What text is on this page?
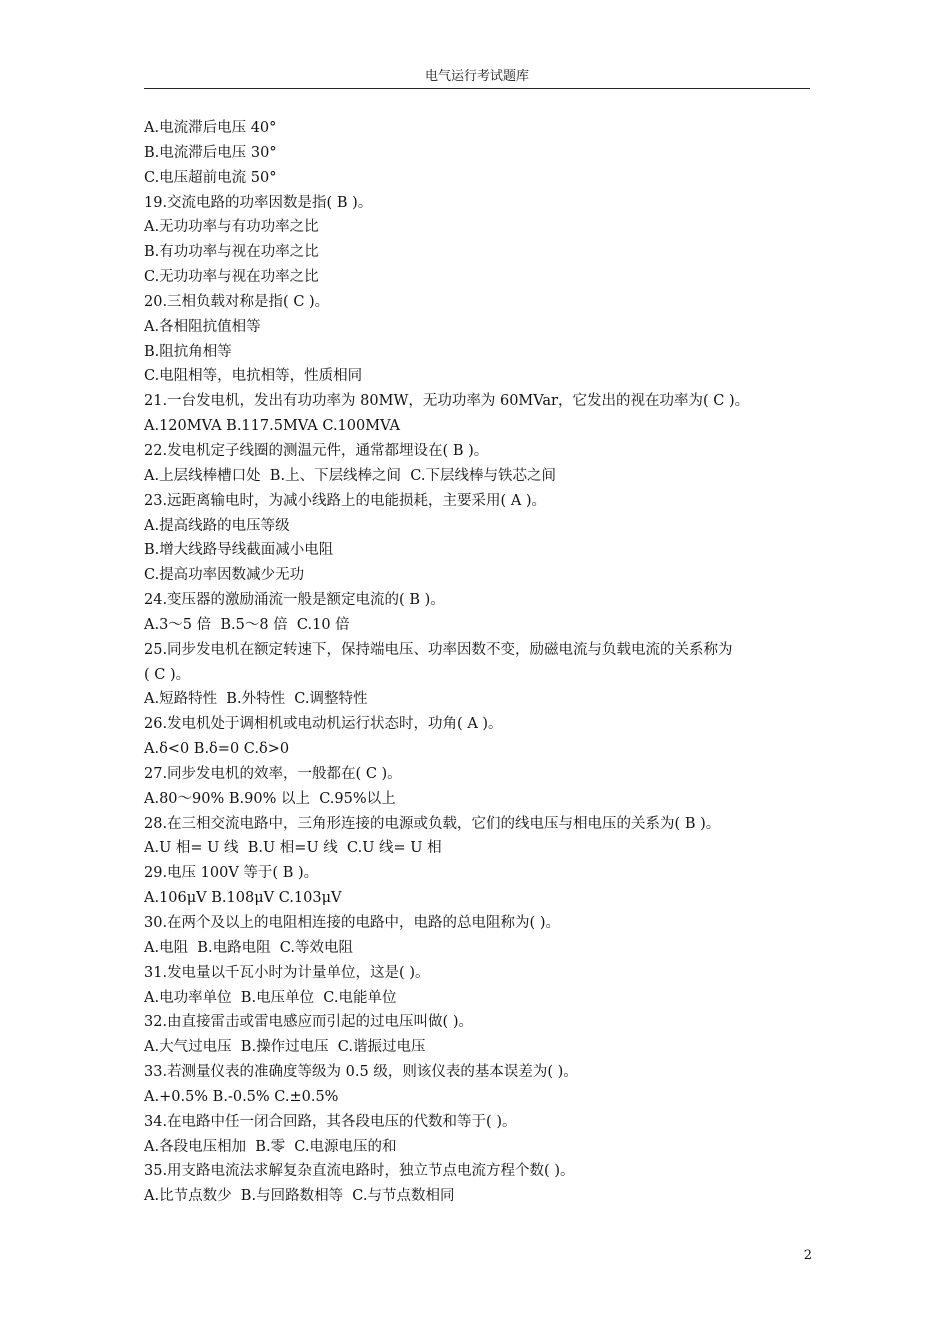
电气运行考试题库
A.电流滞后电压 40°
B.电流滞后电压 30°
C.电压超前电流 50°
19.交流电路的功率因数是指( B )。
A.无功功率与有功功率之比
B.有功功率与视在功率之比
C.无功功率与视在功率之比
20.三相负载对称是指( C )。
A.各相阻抗值相等
B.阻抗角相等
C.电阻相等，电抗相等，性质相同
21.一台发电机，发出有功功率为 80MW，无功功率为 60MVar，它发出的视在功率为( C )。
A.120MVA B.117.5MVA C.100MVA
22.发电机定子线圈的测温元件，通常都埋设在( B )。
A.上层线棒槽口处  B.上、下层线棒之间  C.下层线棒与铁芯之间
23.远距离输电时，为减小线路上的电能损耗，主要采用( A )。
A.提高线路的电压等级
B.增大线路导线截面减小电阻
C.提高功率因数减少无功
24.变压器的激励涌流一般是额定电流的( B )。
A.3～5 倍  B.5～8 倍  C.10 倍
25.同步发电机在额定转速下，保持端电压、功率因数不变，励磁电流与负载电流的关系称为
( C )。
A.短路特性  B.外特性  C.调整特性
26.发电机处于调相机或电动机运行状态时，功角( A )。
A.δ<0 B.δ=0 C.δ>0
27.同步发电机的效率，一般都在( C )。
A.80～90% B.90% 以上  C.95%以上
28.在三相交流电路中，三角形连接的电源或负载，它们的线电压与相电压的关系为( B )。
A.U 相= U 线  B.U 相=U 线  C.U 线= U 相
29.电压 100V 等于( B )。
A.106μV B.108μV C.103μV
30.在两个及以上的电阻相连接的电路中，电路的总电阻称为( )。
A.电阻  B.电路电阻  C.等效电阻
31.发电量以千瓦小时为计量单位，这是( )。
A.电功率单位  B.电压单位  C.电能单位
32.由直接雷击或雷电感应而引起的过电压叫做( )。
A.大气过电压  B.操作过电压  C.谐振过电压
33.若测量仪表的准确度等级为 0.5 级，则该仪表的基本误差为( )。
A.+0.5% B.-0.5% C.±0.5%
34.在电路中任一闭合回路，其各段电压的代数和等于( )。
A.各段电压相加  B.零  C.电源电压的和
35.用支路电流法求解复杂直流电路时，独立节点电流方程个数( )。
A.比节点数少  B.与回路数相等  C.与节点数相同
2
